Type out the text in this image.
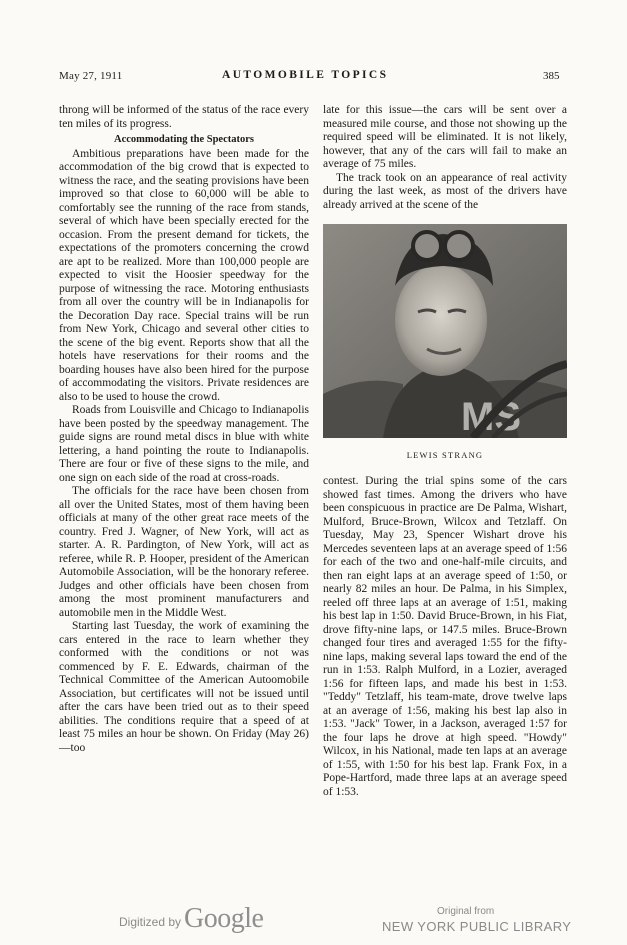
May 27, 1911	AUTOMOBILE TOPICS	385

throng will be informed of the status of the race every ten miles of its progress.

Accommodating the Spectators

Ambitious preparations have been made for the accommodation of the big crowd that is expected to witness the race, and the seating provisions have been improved so that close to 60,000 will be able to comfortably see the running of the race from stands, several of which have been specially erected for the occasion. From the present demand for tickets, the expectations of the promoters concerning the crowd are apt to be realized. More than 100,000 people are expected to visit the Hoosier speedway for the purpose of witnessing the race. Motoring enthusiasts from all over the country will be in Indianapolis for the Decoration Day race. Special trains will be run from New York, Chicago and several other cities to the scene of the big event. Reports show that all the hotels have reservations for their rooms and the boarding houses have also been hired for the purpose of accommodating the visitors. Private residences are also to be used to house the crowd.

Roads from Louisville and Chicago to Indianapolis have been posted by the speedway management. The guide signs are round metal discs in blue with white lettering, a hand pointing the route to Indianapolis. There are four or five of these signs to the mile, and one sign on each side of the road at cross-roads.

The officials for the race have been chosen from all over the United States, most of them having been officials at many of the other great race meets of the country. Fred J. Wagner, of New York, will act as starter. A. R. Pardington, of New York, will act as referee, while R. P. Hooper, president of the American Automobile Association, will be the honorary referee. Judges and other officials have been chosen from among the most prominent manufacturers and automobile men in the Middle West.

Starting last Tuesday, the work of examining the cars entered in the race to learn whether they conformed with the conditions or not was commenced by F. E. Edwards, chairman of the Technical Committee of the American Autoomobile Association, but certificates will not be issued until after the cars have been tried out as to their speed abilities. The conditions require that a speed of at least 75 miles an hour be shown. On Friday (May 26)—too

late for this issue—the cars will be sent over a measured mile course, and those not showing up the required speed will be eliminated. It is not likely, however, that any of the cars will fail to make an average of 75 miles.

The track took on an appearance of real activity during the last week, as most of the drivers have already arrived at the scene of the

MS
LEWIS STRANG

contest. During the trial spins some of the cars showed fast times. Among the drivers who have been conspicuous in practice are De Palma, Wishart, Mulford, Bruce-Brown, Wilcox and Tetzlaff. On Tuesday, May 23, Spencer Wishart drove his Mercedes seventeen laps at an average speed of 1:56 for each of the two and one-half-mile circuits, and then ran eight laps at an average speed of 1:50, or nearly 82 miles an hour. De Palma, in his Simplex, reeled off three laps at an average of 1:51, making his best lap in 1:50. David Bruce-Brown, in his Fiat, drove fifty-nine laps, or 147.5 miles. Bruce-Brown changed four tires and averaged 1:55 for the fifty-nine laps, making several laps toward the end of the run in 1:53. Ralph Mulford, in a Lozier, averaged 1:56 for fifteen laps, and made his best in 1:53. "Teddy" Tetzlaff, his team-mate, drove twelve laps at an average of 1:56, making his best lap also in 1:53. "Jack" Tower, in a Jackson, averaged 1:57 for the four laps he drove at high speed. "Howdy" Wilcox, in his National, made ten laps at an average of 1:55, with 1:50 for his best lap. Frank Fox, in a Pope-Hartford, made three laps at an average speed of 1:53.

Digitized by Google	Original from
NEW YORK PUBLIC LIBRARY
